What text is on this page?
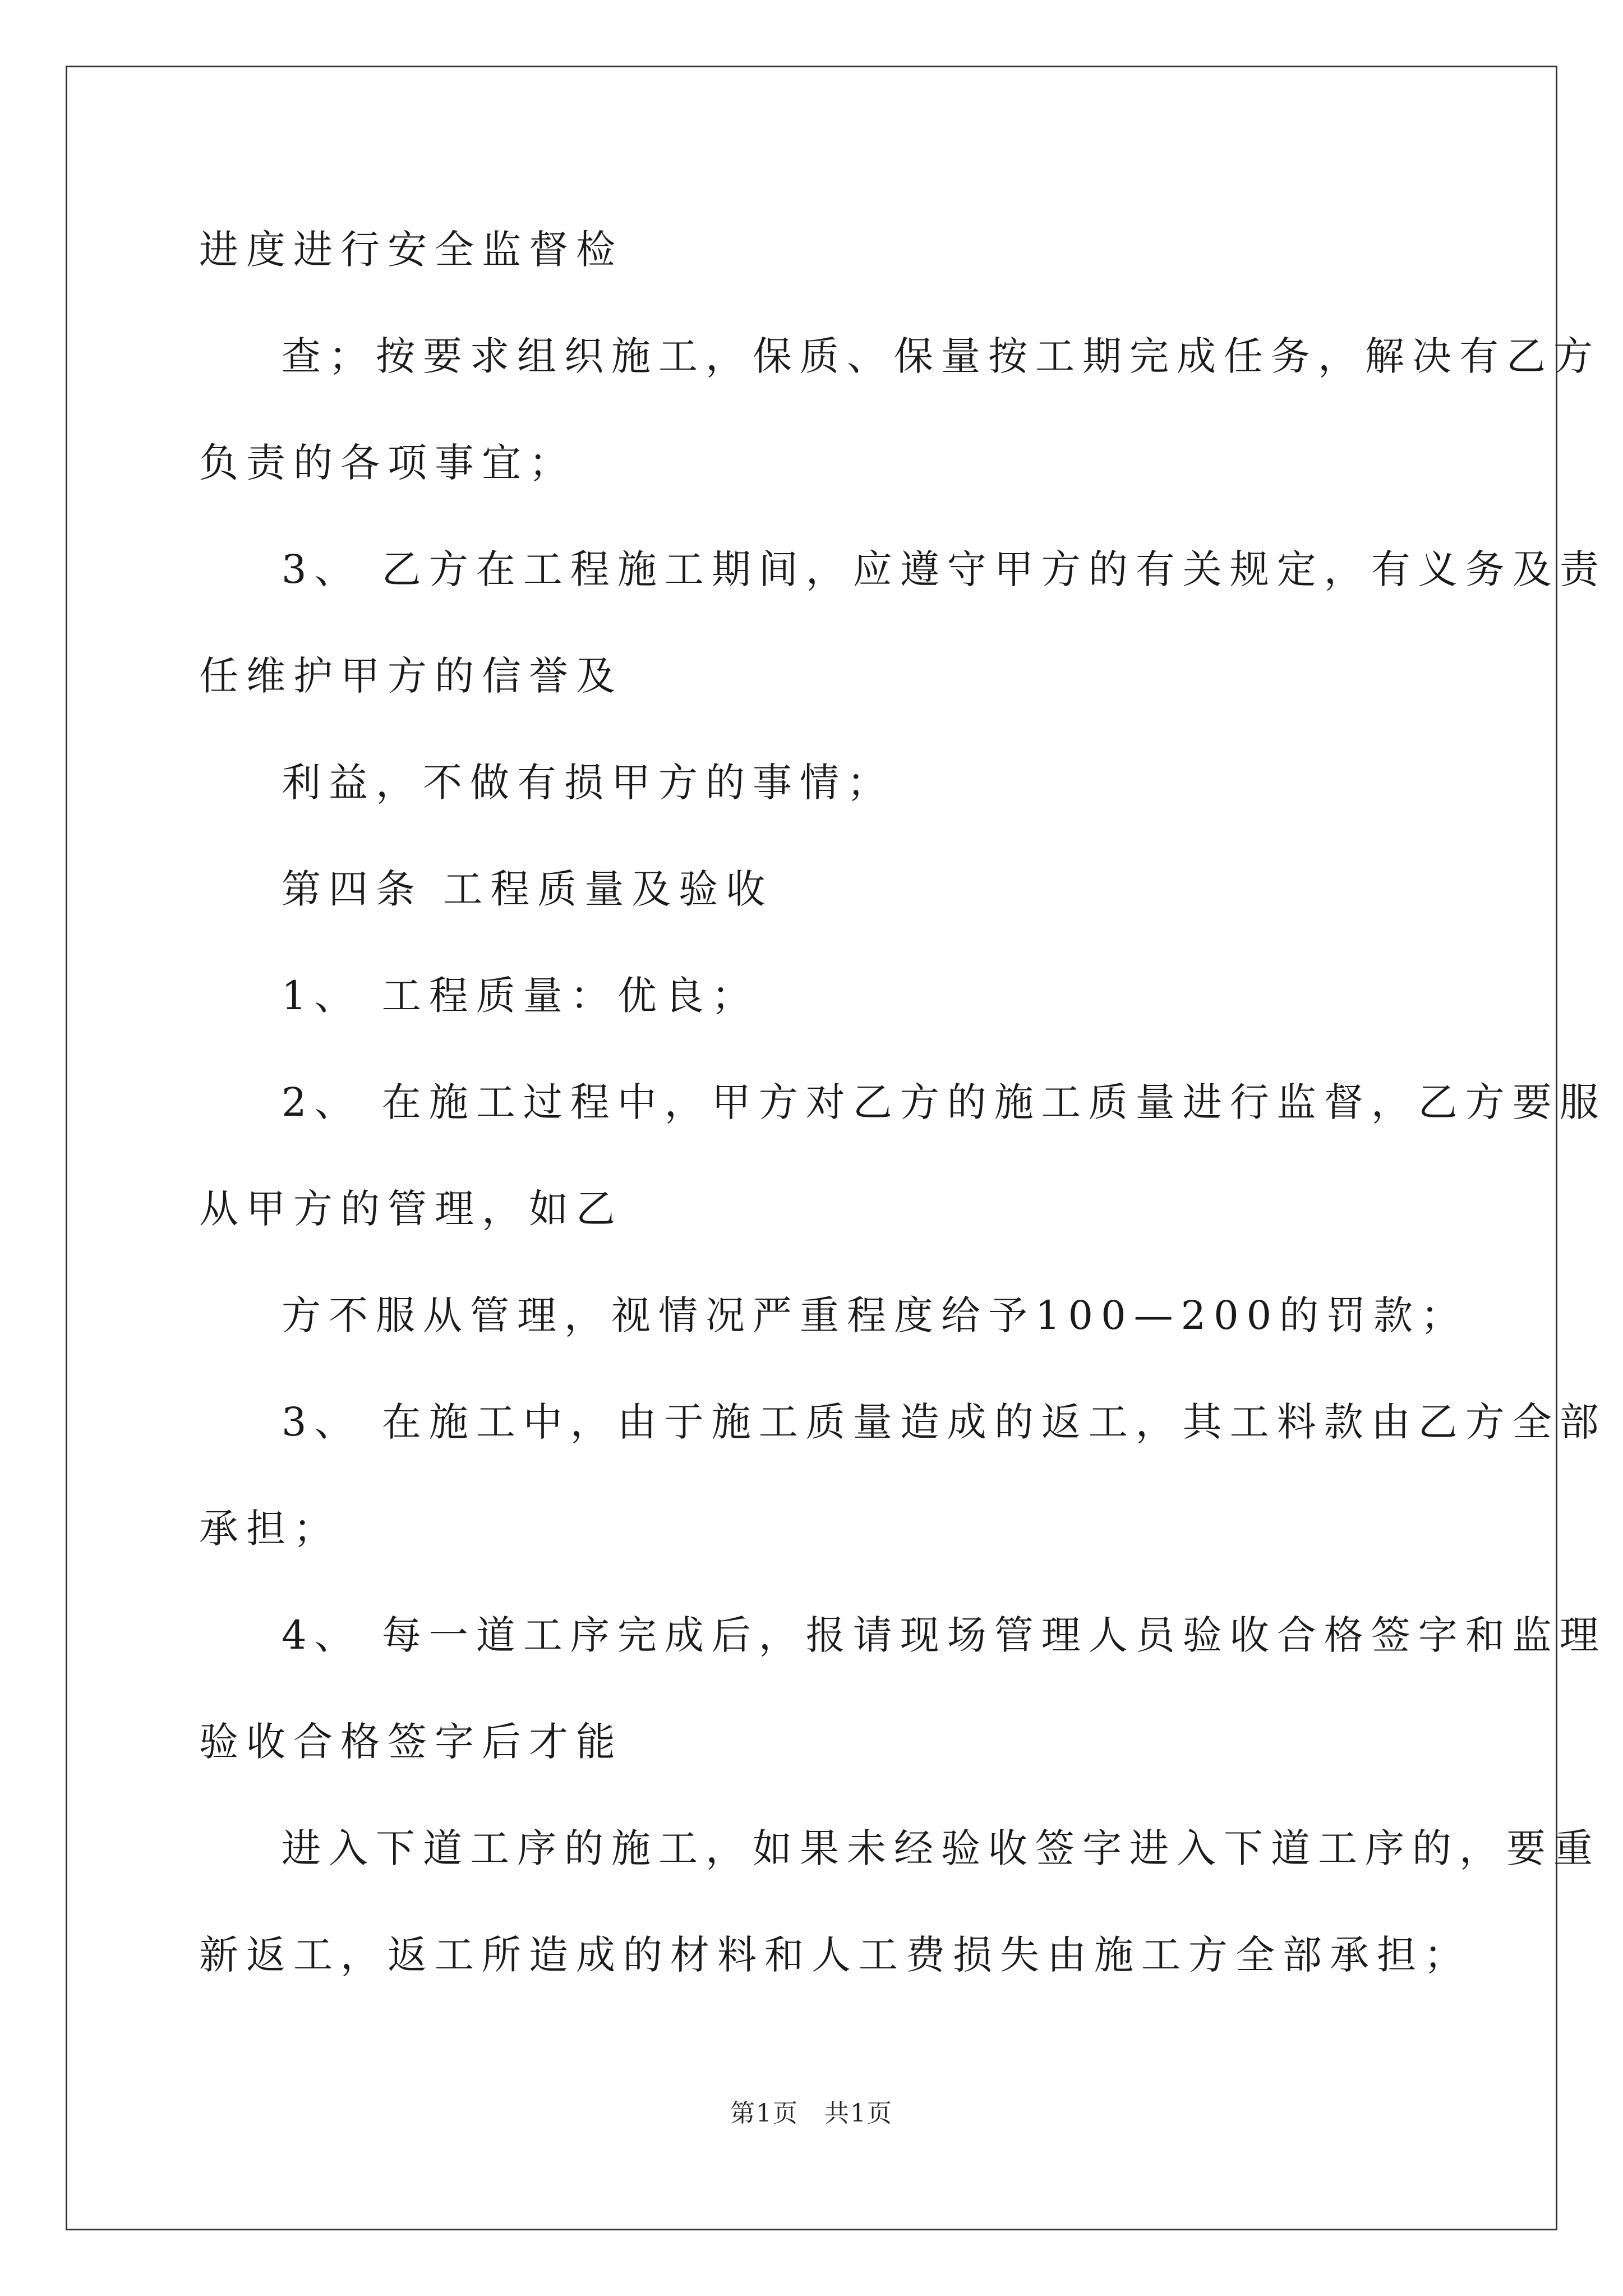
进度进行安全监督检
查；按要求组织施工，保质、保量按工期完成任务，解决有乙方
负责的各项事宜；
3、 乙方在工程施工期间，应遵守甲方的有关规定，有义务及责
任维护甲方的信誉及
利益，不做有损甲方的事情；
第四条 工程质量及验收
1、 工程质量：优良；
2、 在施工过程中，甲方对乙方的施工质量进行监督，乙方要服
从甲方的管理，如乙
方不服从管理，视情况严重程度给予100—200的罚款；
3、 在施工中，由于施工质量造成的返工，其工料款由乙方全部
承担；
4、 每一道工序完成后，报请现场管理人员验收合格签字和监理
验收合格签字后才能
进入下道工序的施工，如果未经验收签字进入下道工序的，要重
新返工，返工所造成的材料和人工费损失由施工方全部承担；
第1页　共1页
